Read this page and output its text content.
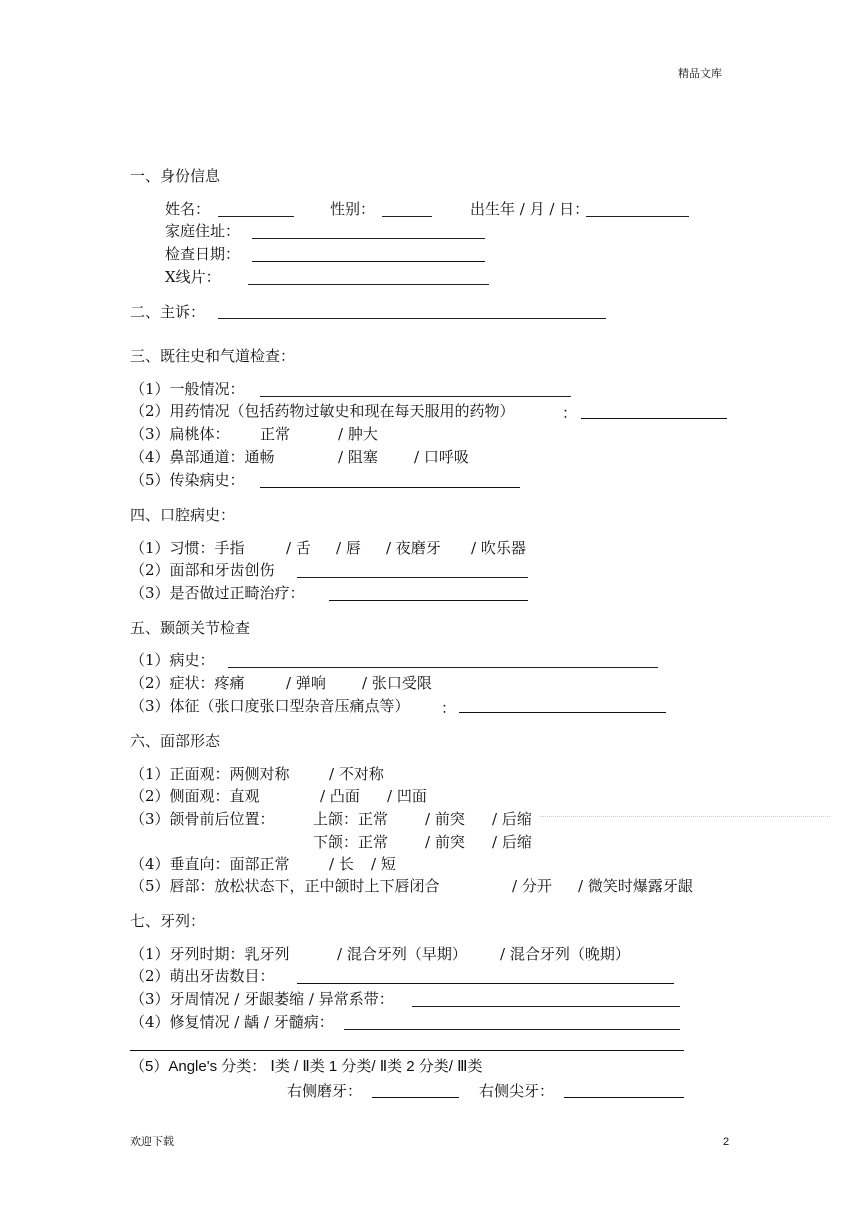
精品文库
一、身份信息
姓名：	性别：	出生年 / 月 / 日：
家庭住址：
检查日期：
X线片：
二、主诉：
三、既往史和气道检查：
（1）一般情况：
（2）用药情况（包括药物过敏史和现在每天服用的药物）	：
（3）扁桃体： 正常	/ 肿大
（4）鼻部通道：通畅	/ 阻塞 / 口呼吸
（5）传染病史：
四、口腔病史：
（1）习惯：手指	/ 舌 / 唇 / 夜磨牙 / 吹乐器
（2）面部和牙齿创伤
（3）是否做过正畸治疗：
五、颞颌关节检查
（1）病史：
（2）症状：疼痛	/ 弹响 / 张口受限
（3）体征（张口度张口型杂音压痛点等） ：
六、面部形态
（1）正面观：两侧对称	/ 不对称
（2）侧面观：直观	/ 凸面 / 凹面
（3）颌骨前后位置：	上颌：正常 / 前突 / 后缩
下颌：正常 / 前突 / 后缩
（4）垂直向：面部正常	/ 长 / 短
（5）唇部：放松状态下，正中颌时上下唇闭合	/ 分开 / 微笑时爆露牙龈
七、牙列：
（1）牙列时期：乳牙列	/ 混合牙列（早期） / 混合牙列（晚期）
（2）萌出牙齿数目：
（3）牙周情况 / 牙龈萎缩 / 异常系带：
（4）修复情况 / 龋 / 牙髓病：
（5）Angle's 分类： Ⅰ类 / Ⅱ类 1 分类/ Ⅱ类 2 分类/ Ⅲ类
右侧磨牙：	右侧尖牙：
欢迎下载	2
